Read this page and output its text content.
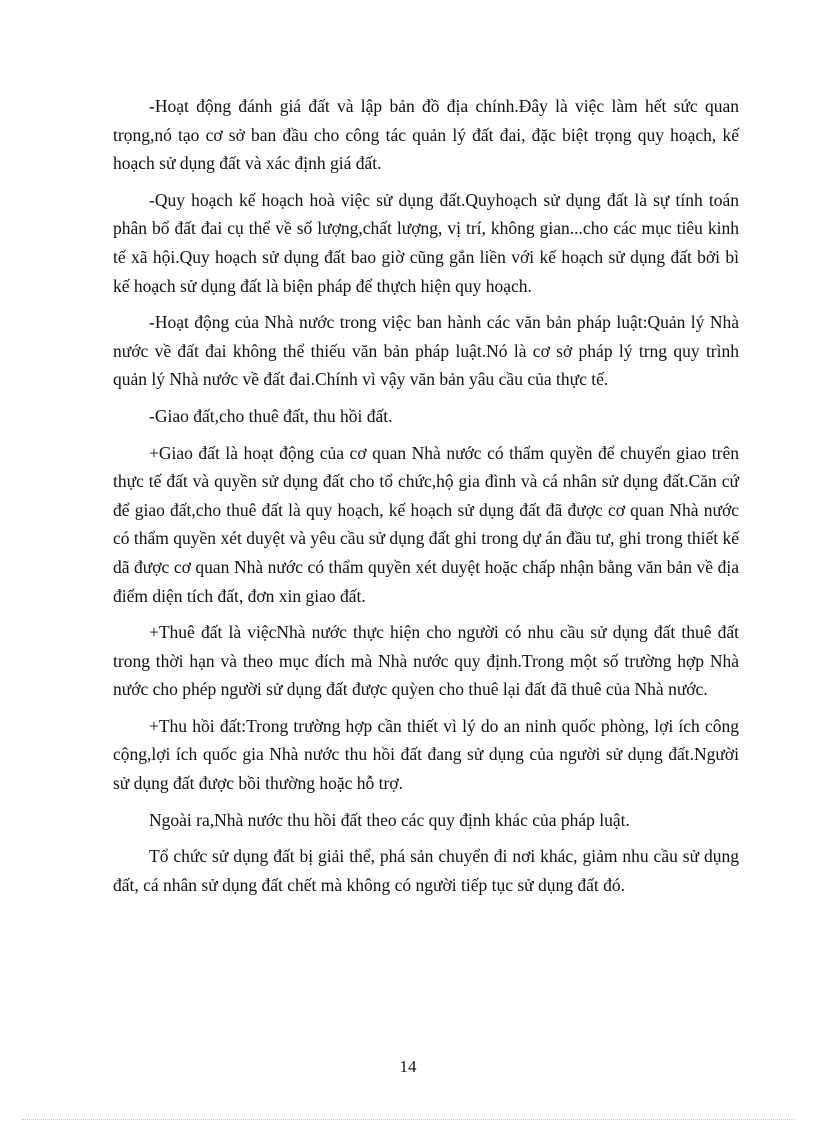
-Hoạt động đánh giá đất và lập bản đồ địa chính.Đây là việc làm hết sức quan trọng,nó tạo cơ sở ban đầu cho công tác quản lý đất đai, đặc biệt trọng quy hoạch, kế hoạch sử dụng đất và xác định giá đất.

-Quy hoạch kế hoạch hoà việc sử dụng đất.Quyhoạch sử dụng đất là sự tính toán phân bổ đất đai cụ thể về số lượng,chất lượng, vị trí, không gian...cho các mục tiêu kinh tế xã hội.Quy hoạch sử dụng đất bao giờ cũng gắn liền với kế hoạch sử dụng đất bởi bì kế hoạch sử dụng đất là biện pháp để thựch hiện quy hoạch.

-Hoạt động của Nhà nước trong việc ban hành các văn bản pháp luật:Quản lý Nhà nước về đất đai không thể thiếu văn bản pháp luật.Nó là cơ sở pháp lý trng quy trình quản lý Nhà nước về đất đai.Chính vì vậy văn bản yâu cầu của thực tế.

-Giao đất,cho thuê đất, thu hồi đất.

+Giao đất là hoạt động của cơ quan Nhà nước có thẩm quyền để chuyển giao trên thực tế đất và quyền sử dụng đất cho tổ chức,hộ gia đình và cá nhân sử dụng đất.Căn cứ để giao đất,cho thuê đất là quy hoạch, kế hoạch sử dụng đất đã được cơ quan Nhà nước có thẩm quyền xét duyệt và yêu cầu sử dụng đất ghi trong dự án đầu tư, ghi trong thiết kế dã được cơ quan Nhà nước có thẩm quyền xét duyệt hoặc chấp nhận bằng văn bản về địa điểm diện tích đất, đơn xin giao đất.

+Thuê đất là việcNhà nước thực hiện cho người có nhu cầu sử dụng đất thuê đất trong thời hạn và theo mục đích mà Nhà nước quy định.Trong một số trường hợp Nhà nước cho phép người sử dụng đất được quỳen cho thuê lại đất đã thuê của Nhà nước.

+Thu hồi đất:Trong trường hợp cần thiết vì lý do an ninh quốc phòng, lợi ích công cộng,lợi ích quốc gia Nhà nước thu hồi đất đang sử dụng của người sử dụng đất.Người sử dụng đất được bồi thường hoặc hỗ trợ.

Ngoài ra,Nhà nước thu hồi đất theo các quy định khác của pháp luật.

Tổ chức sử dụng đất bị giải thể, phá sản chuyển đi nơi khác, giảm nhu cầu sử dụng đất, cá nhân sử dụng đất chết mà không có người tiếp tục sử dụng đất đó.

14
